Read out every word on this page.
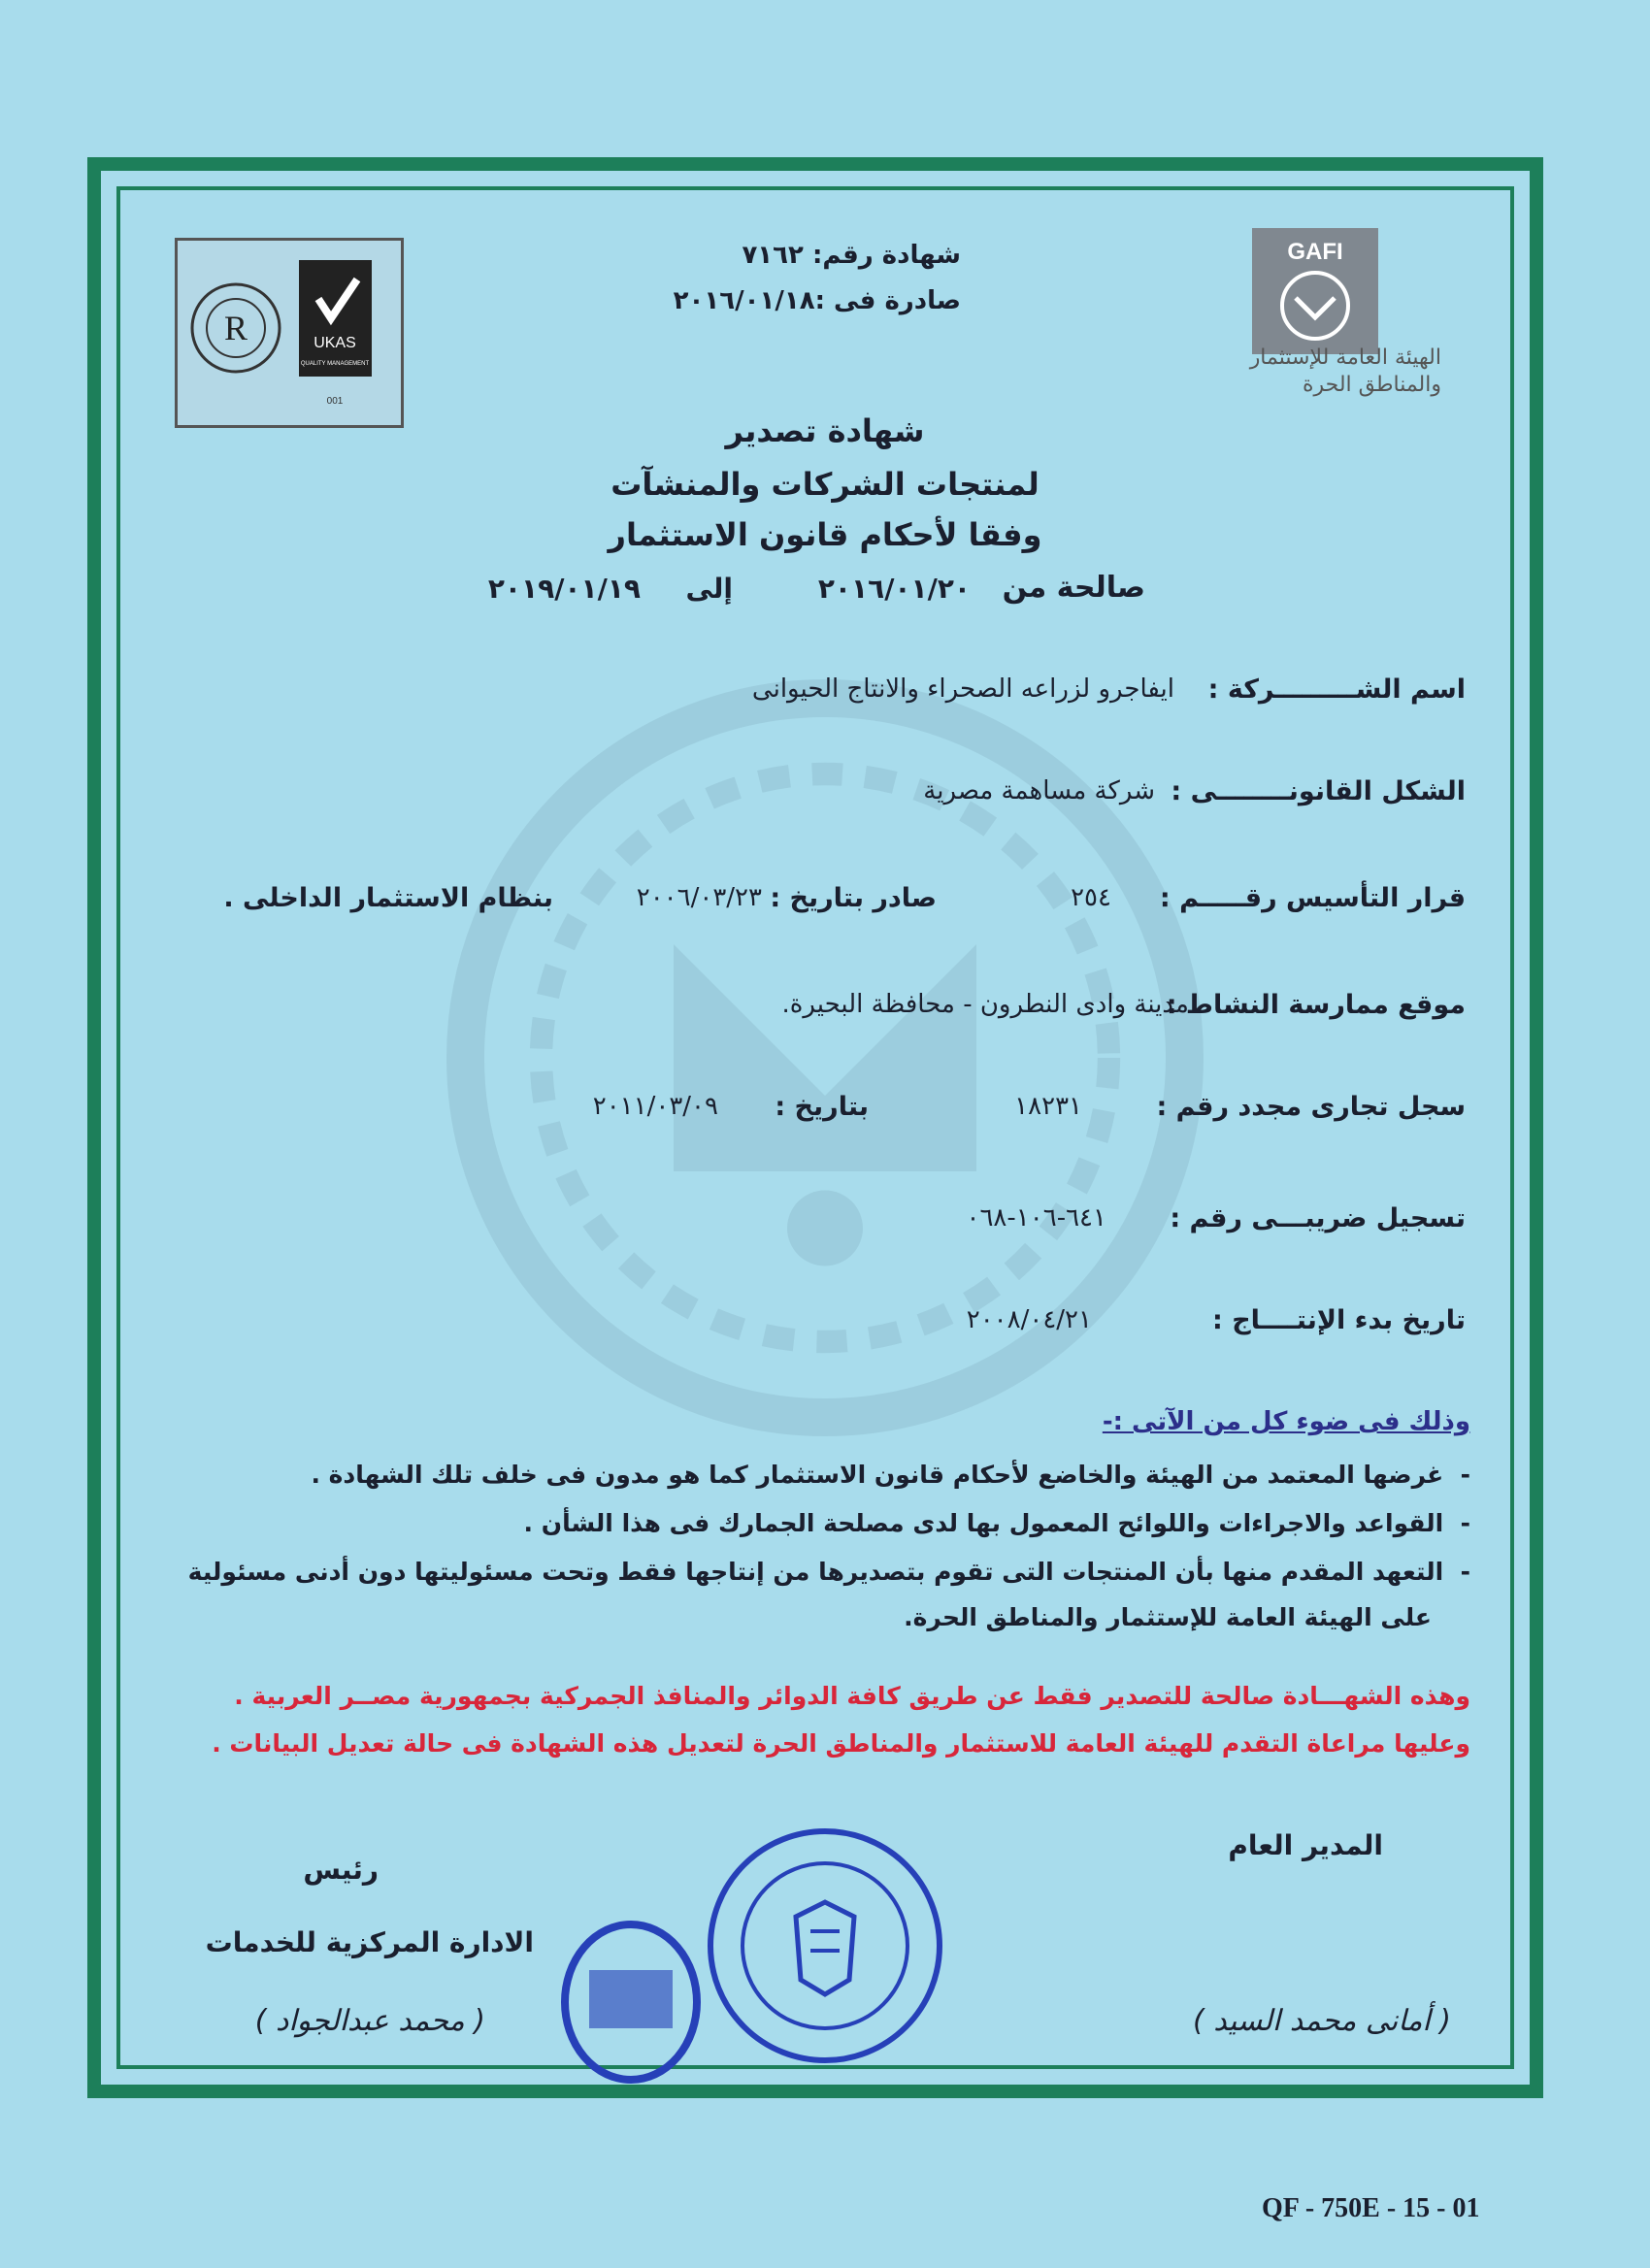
R	UKAS
QUALITY MANAGEMENT
001
GAFI
الهيئة العامة للإستثمار
والمناطق الحرة
شهادة رقم: ٧١٦٢
صادرة فى :٢٠١٦/٠١/١٨
شهادة تصدير
لمنتجات الشركات والمنشآت
وفقا لأحكام قانون الاستثمار
صالحة من
٢٠١٦/٠١/٢٠
إلى
٢٠١٩/٠١/١٩
اسم الشـــــــــركة :
ايفاجرو لزراعه الصحراء والانتاج الحيوانى
الشكل القانونــــــــى :
شركة مساهمة مصرية
قرار التأسيس رقـــــم :
٢٥٤
صادر بتاريخ :
٢٠٠٦/٠٣/٢٣
بنظام الاستثمار الداخلى .
موقع ممارسة النشاط :
مدينة وادى النطرون - محافظة البحيرة.
سجل تجارى مجدد رقم :
١٨٢٣١
بتاريخ :
٢٠١١/٠٣/٠٩
تسجيل ضريبـــى رقم :
٦٤١-١٠٦-٠٦٨
تاريخ بدء الإنتــــاج :
٢٠٠٨/٠٤/٢١
وذلك فى ضوء كل من الآتى :-
-  غرضها المعتمد من الهيئة والخاضع لأحكام قانون الاستثمار كما هو مدون فى خلف تلك الشهادة .
-  القواعد والاجراءات واللوائح المعمول بها لدى مصلحة الجمارك فى هذا الشأن .
-  التعهد المقدم منها بأن المنتجات التى تقوم بتصديرها من إنتاجها فقط وتحت مسئوليتها دون أدنى مسئولية
على الهيئة العامة للإستثمار والمناطق الحرة.
وهذه الشهـــادة صالحة للتصدير فقط عن طريق كافة الدوائر والمنافذ الجمركية بجمهورية مصــر العربية .
وعليها مراعاة التقدم للهيئة العامة للاستثمار والمناطق الحرة لتعديل هذه الشهادة فى حالة تعديل البيانات .
المدير العام
( أمانى محمد السيد )
رئيس
الادارة المركزية للخدمات
( محمد عبدالجواد )
QF - 750E - 15 - 01
